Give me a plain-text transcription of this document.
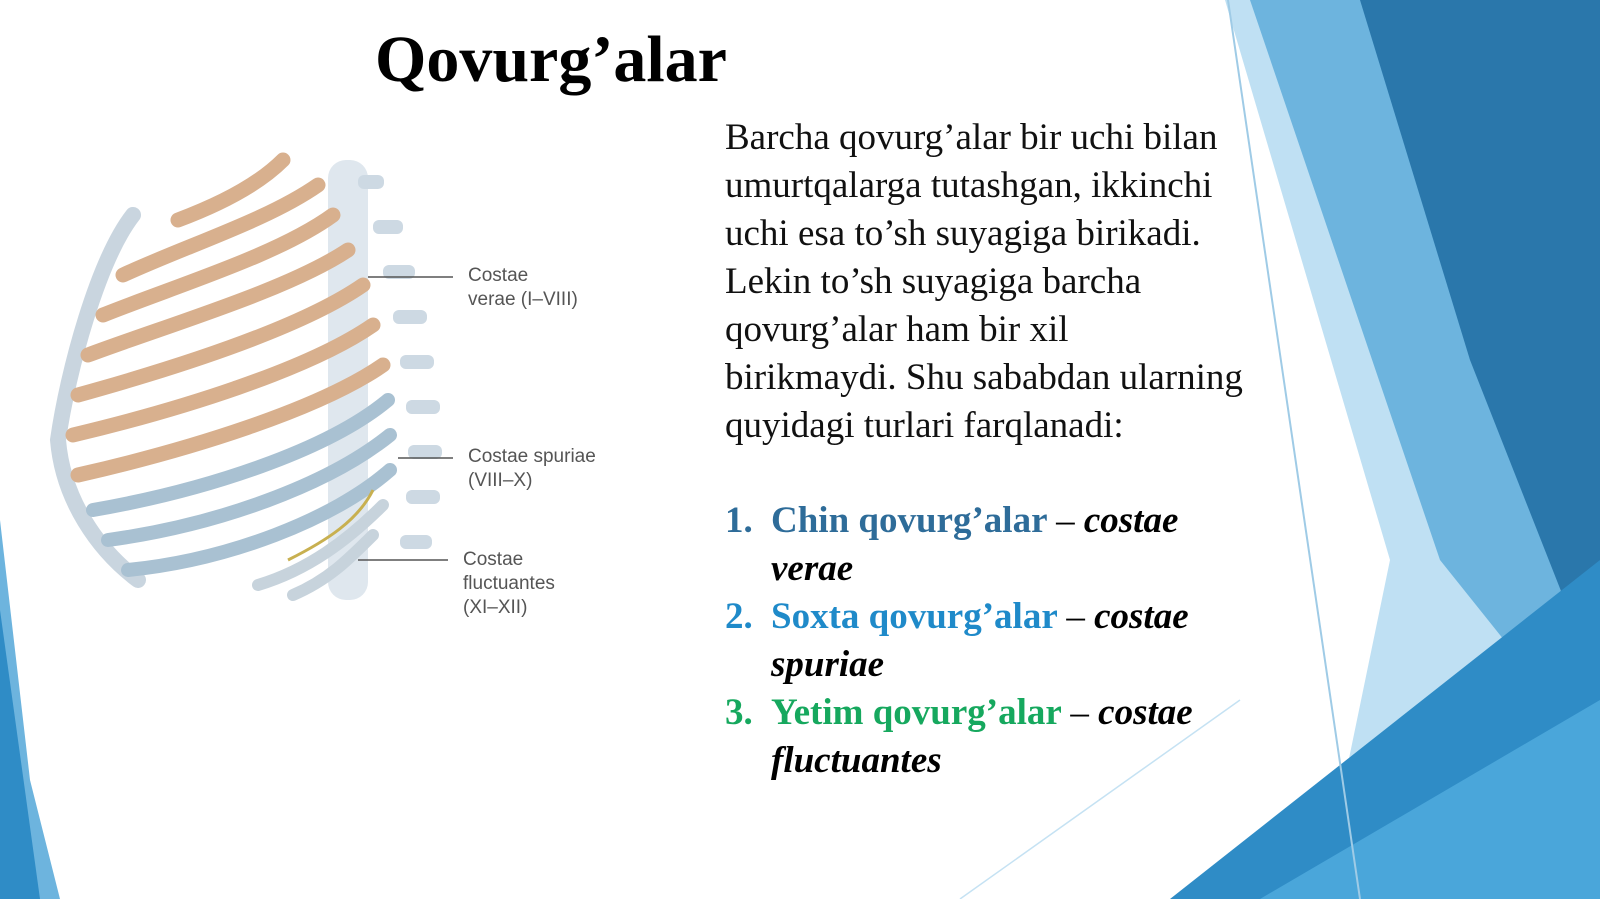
Qovurg’alar
Costae
verae (I–VIII)
Costae spuriae
(VIII–X)
Costae
fluctuantes
(XI–XII)

Barcha qovurg’alar bir uchi bilan umurtqalarga tutashgan, ikkinchi uchi esa to’sh suyagiga birikadi. Lekin to’sh suyagiga barcha qovurg’alar ham bir xil birikmaydi. Shu sababdan ularning quyidagi turlari farqlanadi:

1. Chin qovurg’alar – costae verae
2. Soxta qovurg’alar – costae spuriae
3. Yetim qovurg’alar – costae fluctuantes
